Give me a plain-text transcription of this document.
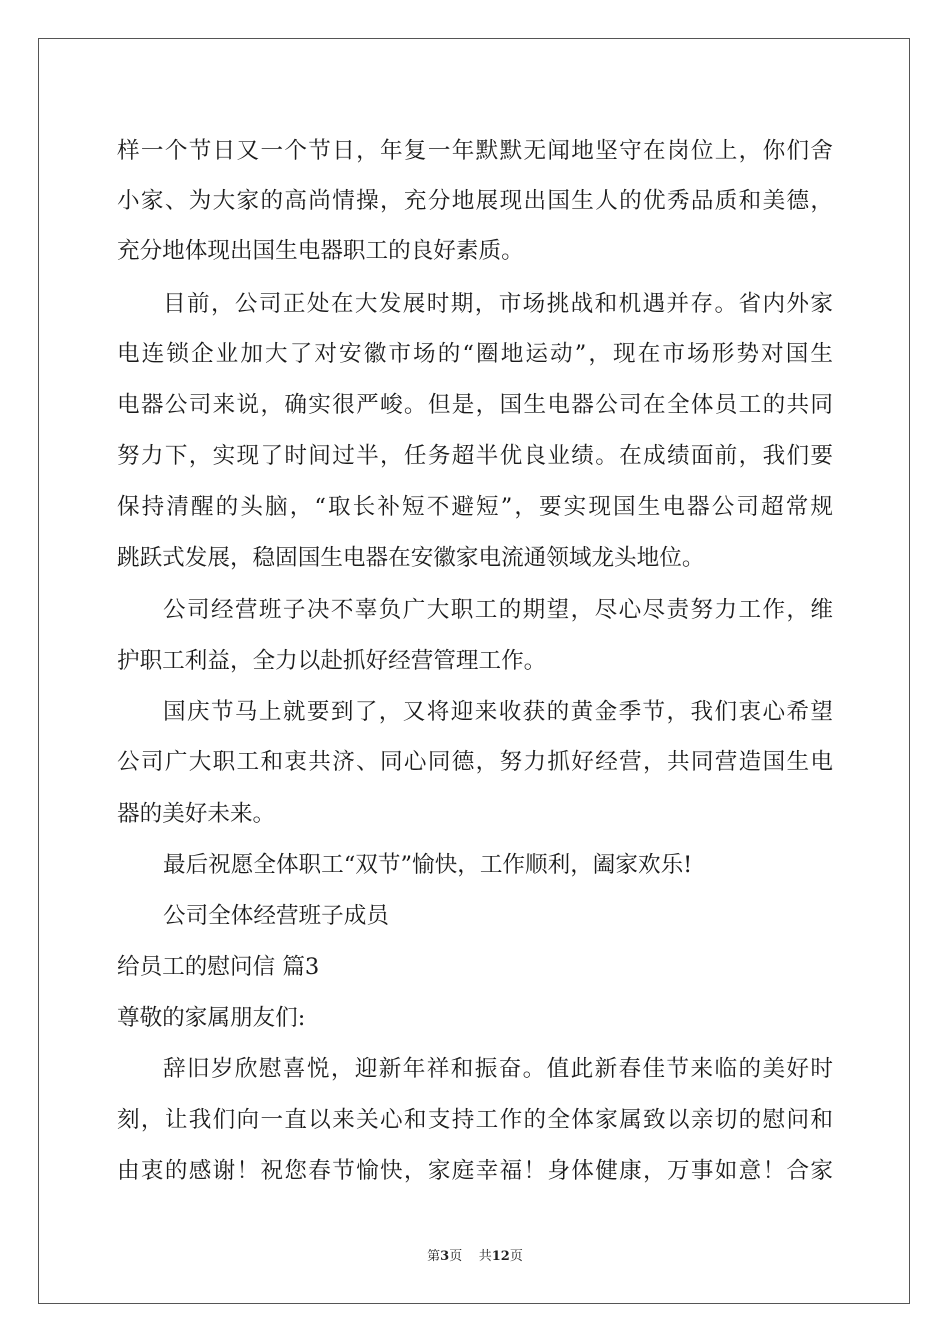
样一个节日又一个节日，年复一年默默无闻地坚守在岗位上，你们舍
小家、为大家的高尚情操，充分地展现出国生人的优秀品质和美德，
充分地体现出国生电器职工的良好素质。
目前，公司正处在大发展时期，市场挑战和机遇并存。省内外家
电连锁企业加大了对安徽市场的“圈地运动”，现在市场形势对国生
电器公司来说，确实很严峻。但是，国生电器公司在全体员工的共同
努力下，实现了时间过半，任务超半优良业绩。在成绩面前，我们要
保持清醒的头脑，“取长补短不避短”，要实现国生电器公司超常规
跳跃式发展，稳固国生电器在安徽家电流通领域龙头地位。
公司经营班子决不辜负广大职工的期望，尽心尽责努力工作，维
护职工利益，全力以赴抓好经营管理工作。
国庆节马上就要到了，又将迎来收获的黄金季节，我们衷心希望
公司广大职工和衷共济、同心同德，努力抓好经营，共同营造国生电
器的美好未来。
最后祝愿全体职工“双节”愉快，工作顺利，阖家欢乐!
公司全体经营班子成员
给员工的慰问信 篇3
尊敬的家属朋友们:
辞旧岁欣慰喜悦，迎新年祥和振奋。值此新春佳节来临的美好时
刻，让我们向一直以来关心和支持工作的全体家属致以亲切的慰问和
由衷的感谢！祝您春节愉快，家庭幸福！身体健康，万事如意！合家
第3页 共12页
